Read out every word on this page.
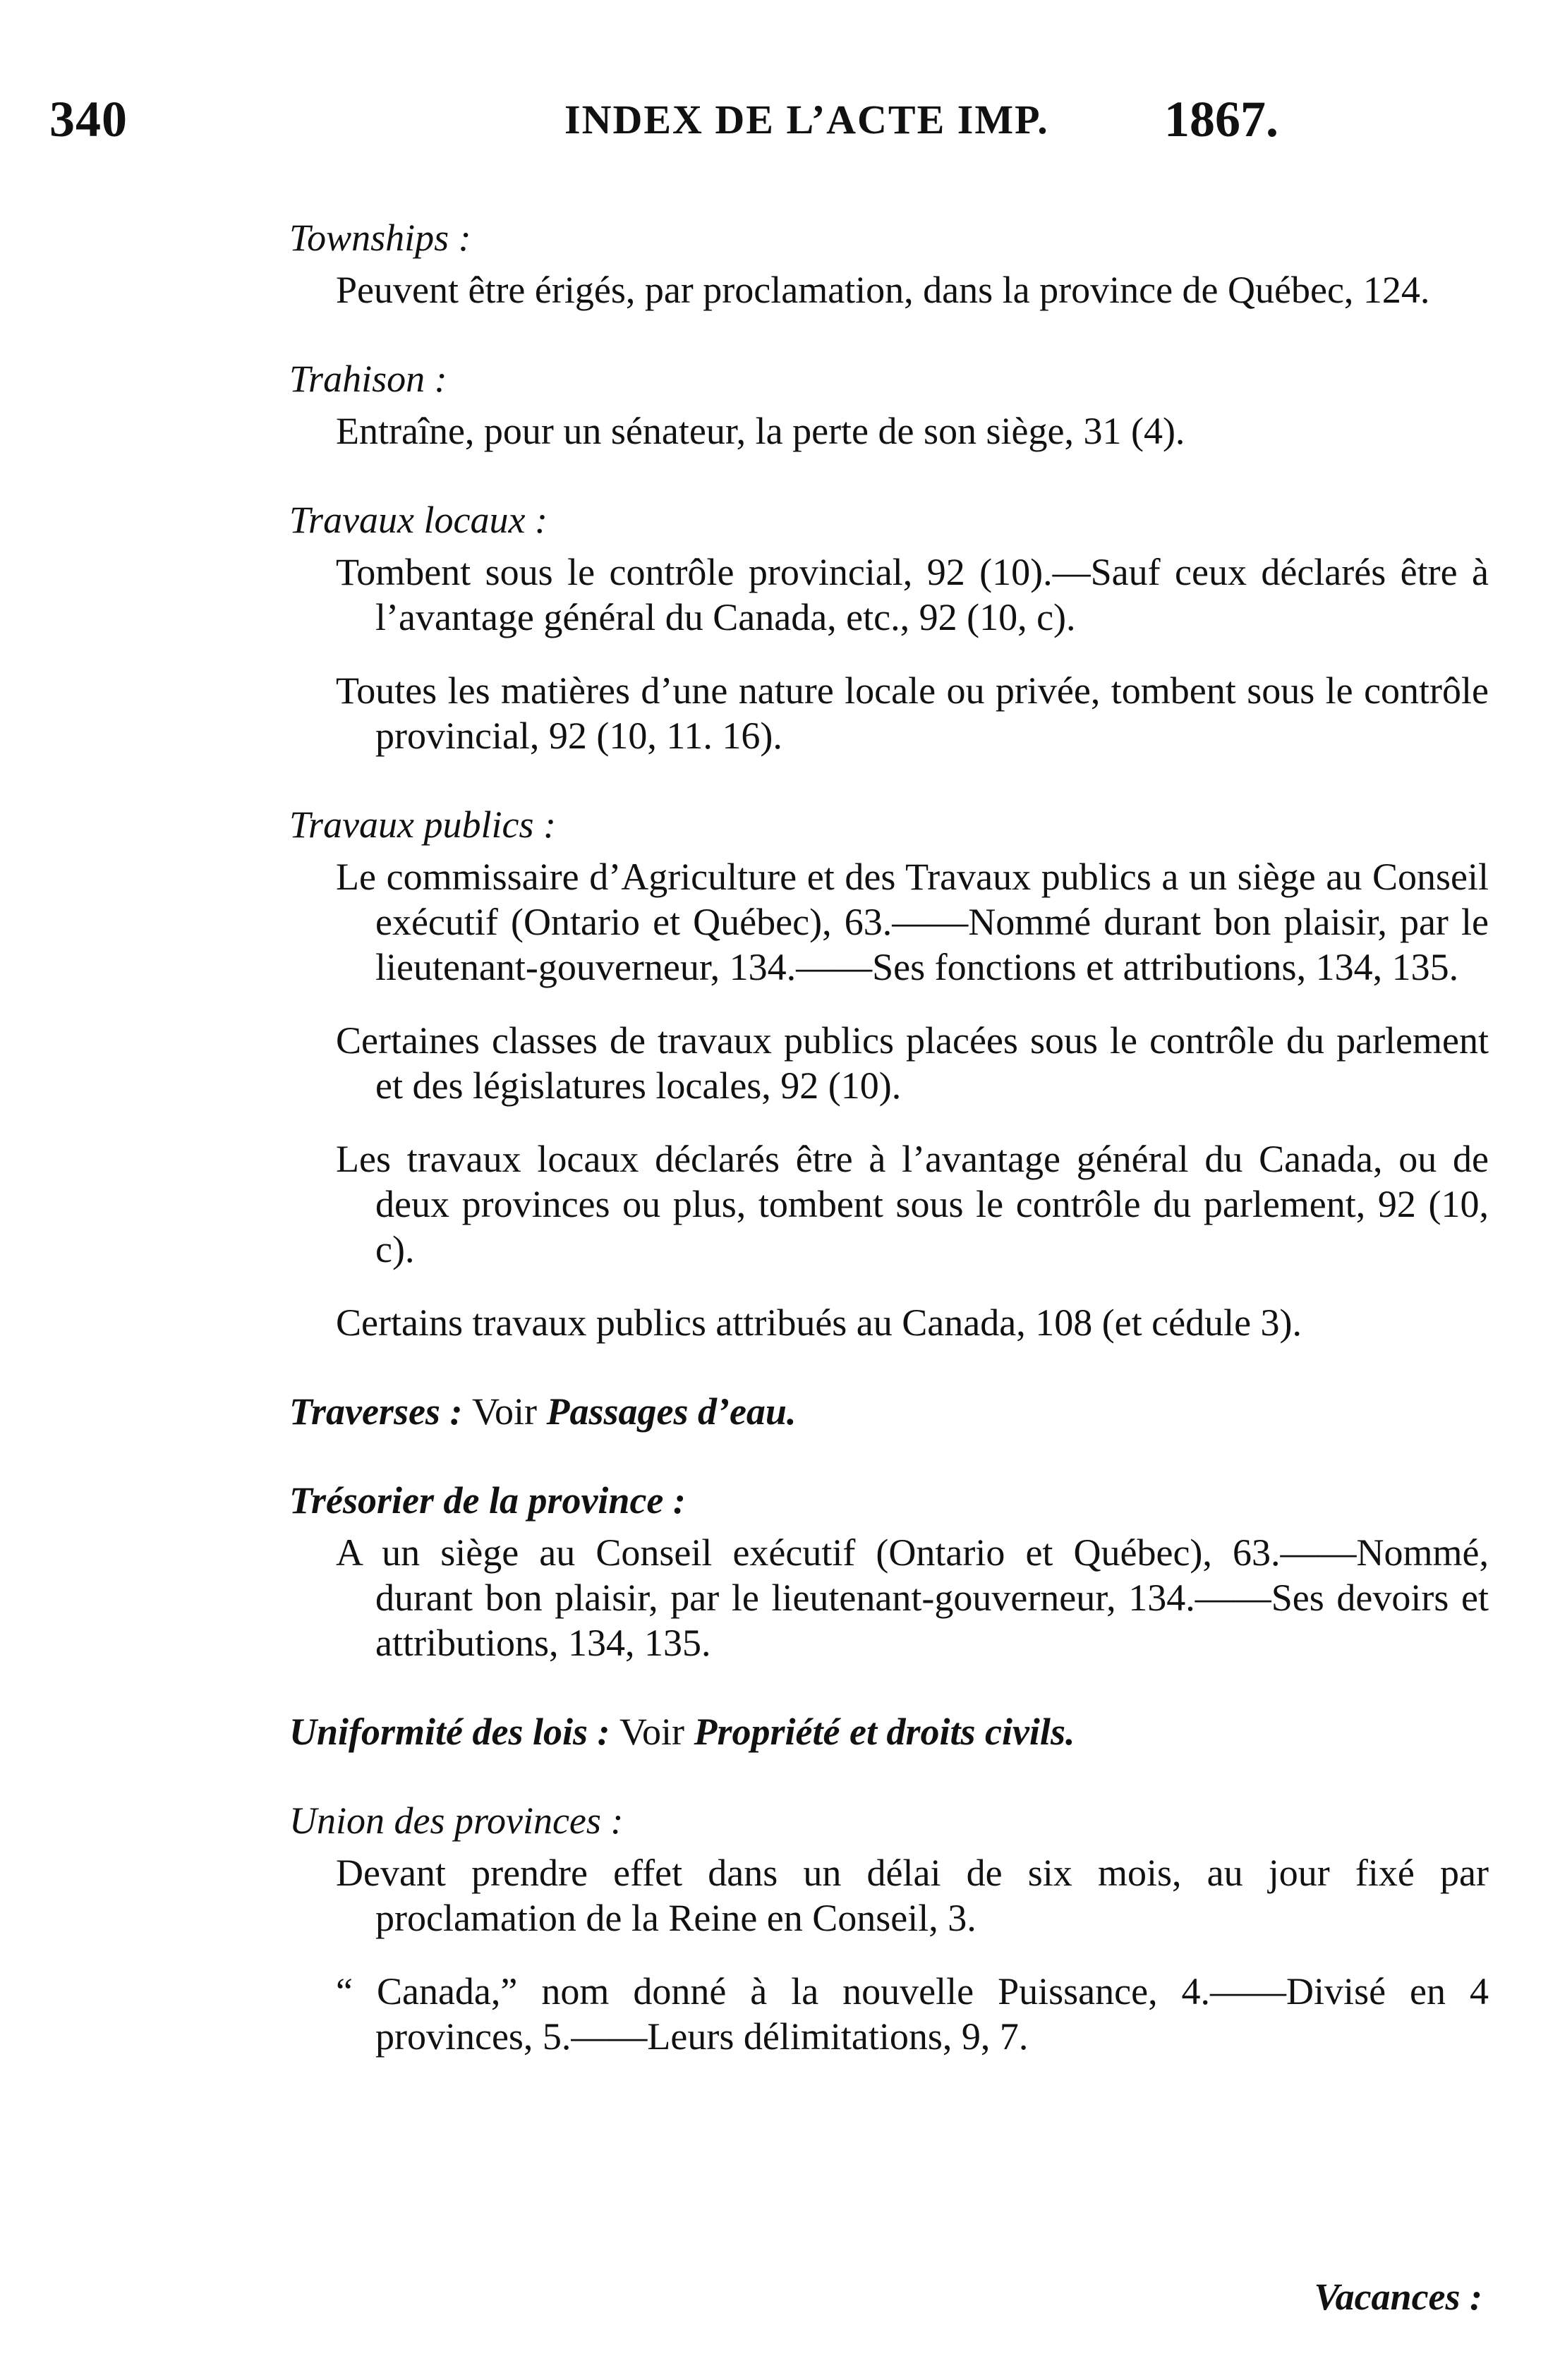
340	INDEX DE L’ACTE IMP. 1867.

Townships :

Peuvent être érigés, par proclamation, dans la province de Québec, 124.

Trahison :

Entraîne, pour un sénateur, la perte de son siège, 31 (4).

Travaux locaux :

Tombent sous le contrôle provincial, 92 (10).—Sauf ceux déclarés être à l’avantage général du Canada, etc., 92 (10, c).

Toutes les matières d’une nature locale ou privée, tombent sous le contrôle provincial, 92 (10, 11. 16).

Travaux publics :

Le commissaire d’Agriculture et des Travaux publics a un siège au Conseil exécutif (Ontario et Québec), 63.——Nommé durant bon plaisir, par le lieutenant-gouverneur, 134.——Ses fonctions et attributions, 134, 135.

Certaines classes de travaux publics placées sous le contrôle du parlement et des législatures locales, 92 (10).

Les travaux locaux déclarés être à l’avantage général du Canada, ou de deux provinces ou plus, tombent sous le contrôle du parlement, 92 (10, c).

Certains travaux publics attribués au Canada, 108 (et cédule 3).

Traverses : Voir Passages d’eau.

Trésorier de la province :

A un siège au Conseil exécutif (Ontario et Québec), 63.——Nommé, durant bon plaisir, par le lieutenant-gouverneur, 134.——Ses devoirs et attributions, 134, 135.

Uniformité des lois : Voir Propriété et droits civils.

Union des provinces :

Devant prendre effet dans un délai de six mois, au jour fixé par proclamation de la Reine en Conseil, 3.

“ Canada,” nom donné à la nouvelle Puissance, 4.——Divisé en 4 provinces, 5.——Leurs délimitations, 9, 7.

Vacances :
